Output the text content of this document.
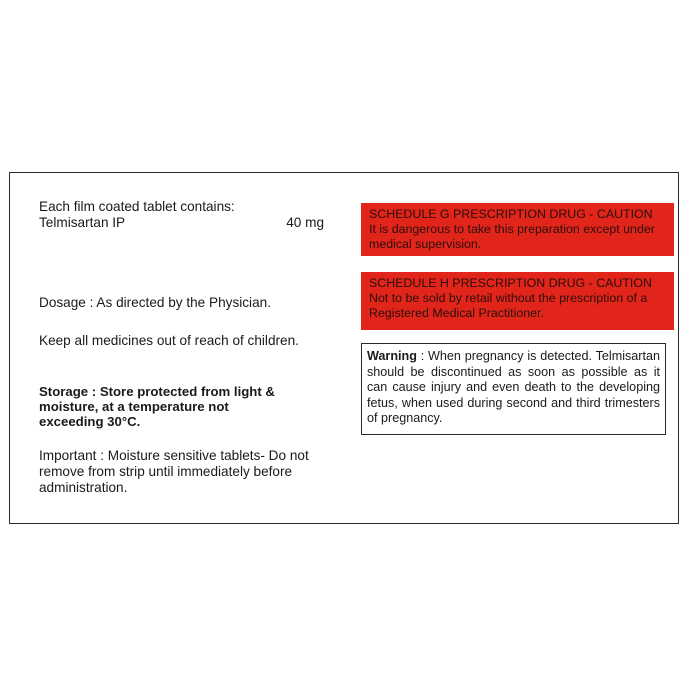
Each film coated tablet contains:
Telmisartan IP	40 mg
Dosage : As directed by the Physician.
Keep all medicines out of reach of children.
Storage : Store protected from light & moisture, at a temperature not exceeding 30°C.
Important : Moisture sensitive tablets- Do not remove from strip until immediately before administration.
SCHEDULE G PRESCRIPTION DRUG - CAUTION
It is dangerous to take this preparation except under medical supervision.
SCHEDULE H PRESCRIPTION DRUG - CAUTION
Not to be sold by retail without the prescription of a Registered Medical Practitioner.
Warning : When pregnancy is detected. Telmisartan should be discontinued as soon as possible as it can cause injury and even death to the developing fetus, when used during second and third trimesters of pregnancy.
